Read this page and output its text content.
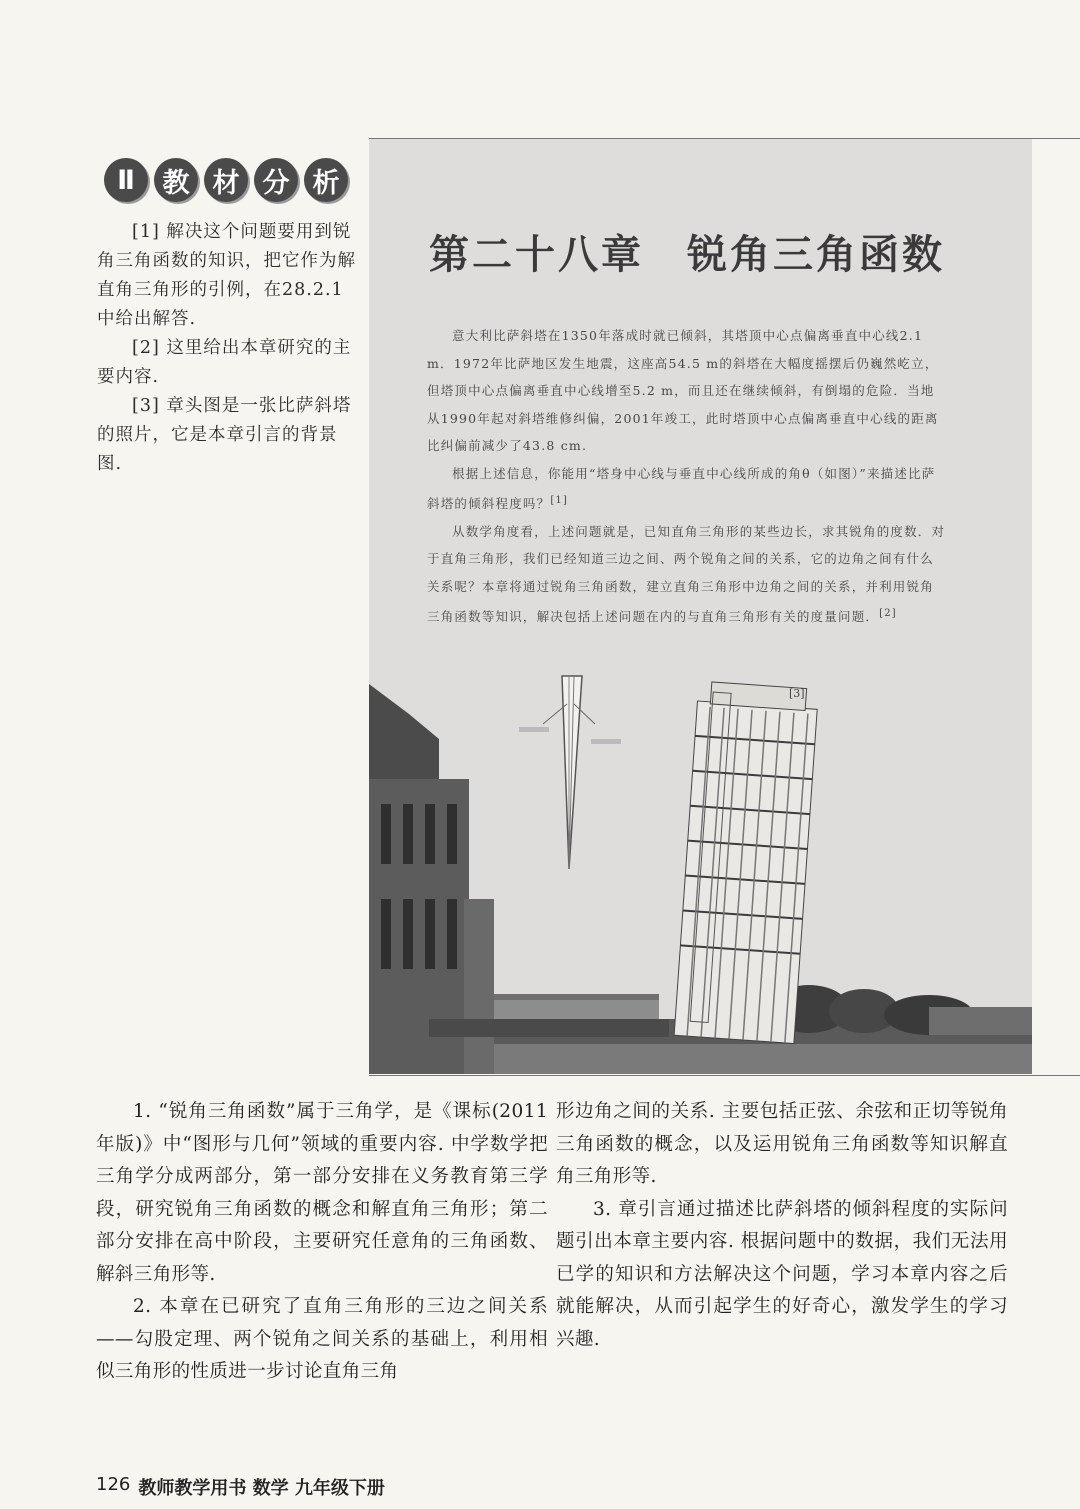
Ⅱ	教 材 分 析

[1] 解决这个问题要用到锐角三角函数的知识，把它作为解直角三角形的引例，在28.2.1中给出解答.

[2] 这里给出本章研究的主要内容.

[3] 章头图是一张比萨斜塔的照片，它是本章引言的背景图.

第二十八章　锐角三角函数

意大利比萨斜塔在1350年落成时就已倾斜，其塔顶中心点偏离垂直中心线2.1 m．1972年比萨地区发生地震，这座高54.5 m的斜塔在大幅度摇摆后仍巍然屹立，但塔顶中心点偏离垂直中心线增至5.2 m，而且还在继续倾斜，有倒塌的危险．当地从1990年起对斜塔维修纠偏，2001年竣工，此时塔顶中心点偏离垂直中心线的距离比纠偏前减少了43.8 cm.

根据上述信息，你能用“塔身中心线与垂直中心线所成的角θ（如图）”来描述比萨斜塔的倾斜程度吗？[1]

从数学角度看，上述问题就是，已知直角三角形的某些边长，求其锐角的度数．对于直角三角形，我们已经知道三边之间、两个锐角之间的关系，它的边角之间有什么关系呢？本章将通过锐角三角函数，建立直角三角形中边角之间的关系，并利用锐角三角函数等知识，解决包括上述问题在内的与直角三角形有关的度量问题．[2]

[3]

1. “锐角三角函数”属于三角学，是《课标(2011年版)》中“图形与几何”领域的重要内容. 中学数学把三角学分成两部分，第一部分安排在义务教育第三学段，研究锐角三角函数的概念和解直角三角形；第二部分安排在高中阶段，主要研究任意角的三角函数、解斜三角形等.

2. 本章在已研究了直角三角形的三边之间关系——勾股定理、两个锐角之间关系的基础上，利用相似三角形的性质进一步讨论直角三角

形边角之间的关系. 主要包括正弦、余弦和正切等锐角三角函数的概念，以及运用锐角三角函数等知识解直角三角形等.

3. 章引言通过描述比萨斜塔的倾斜程度的实际问题引出本章主要内容. 根据问题中的数据，我们无法用已学的知识和方法解决这个问题，学习本章内容之后就能解决，从而引起学生的好奇心，激发学生的学习兴趣.

126 教师教学用书 数学 九年级下册
